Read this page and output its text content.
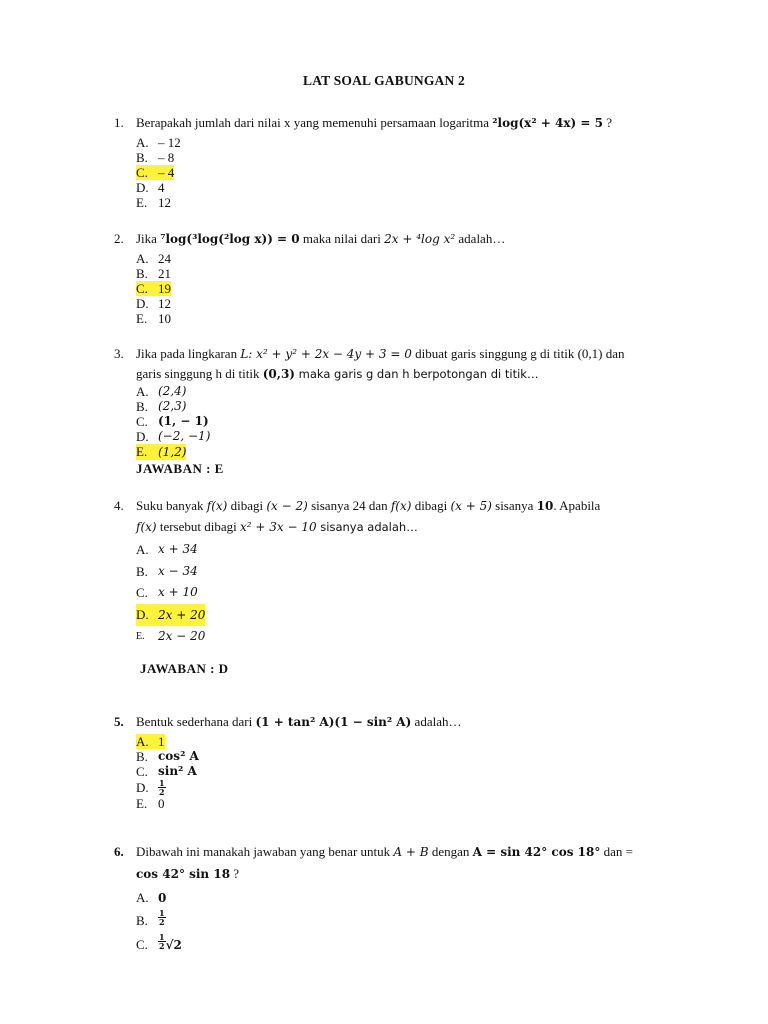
LAT SOAL GABUNGAN 2
1. Berapakah jumlah dari nilai x yang memenuhi persamaan logaritma ²log(x² + 4x) = 5 ?
A. – 12
B. – 8
C. – 4
D. 4
E. 12
2. Jika ⁷log(³log(²log x)) = 0 maka nilai dari 2x + ⁴log x² adalah…
A. 24
B. 21
C. 19
D. 12
E. 10
3. Jika pada lingkaran L: x² + y² + 2x − 4y + 3 = 0 dibuat garis singgung g di titik (0,1) dan
garis singgung h di titik (0,3) maka garis g dan h berpotongan di titik…
A. (2,4)
B. (2,3)
C. (1, − 1)
D. (−2, −1)
E. (1,2)
JAWABAN : E
4. Suku banyak f(x) dibagi (x − 2) sisanya 24 dan f(x) dibagi (x + 5) sisanya 10. Apabila
f(x) tersebut dibagi x² + 3x − 10 sisanya adalah…
A. x + 34
B. x − 34
C. x + 10
D. 2x + 20
E.	2x − 20
JAWABAN : D
5. Bentuk sederhana dari (1 + tan² A)(1 − sin² A) adalah…
A. 1
B. cos² A
C. sin² A
D.	$\frac{1}{2}$
E. 0
6. Dibawah ini manakah jawaban yang benar untuk A + B dengan A = sin 42° cos 18° dan =
cos 42° sin 18 ?
A. 0
B.	$\frac{1}{2}$
C.	$\frac{1}{2} √2$
